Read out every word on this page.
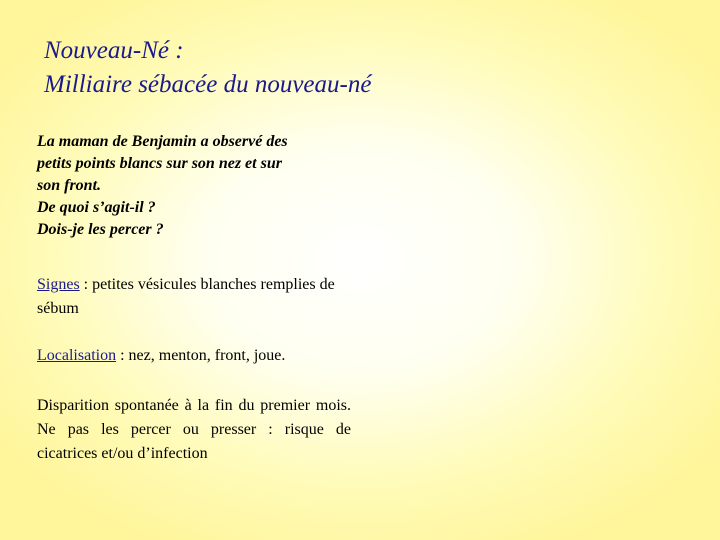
Nouveau-Né :
Milliaire sébacée du nouveau-né
La maman de Benjamin a observé des
petits points blancs sur son nez et sur
son front.
De quoi s’agit-il ?
Dois-je les percer ?
Signes : petites vésicules blanches remplies de sébum
Localisation : nez, menton, front, joue.
Disparition spontanée à la fin du premier mois. Ne pas les percer ou presser : risque de cicatrices et/ou d’infection
